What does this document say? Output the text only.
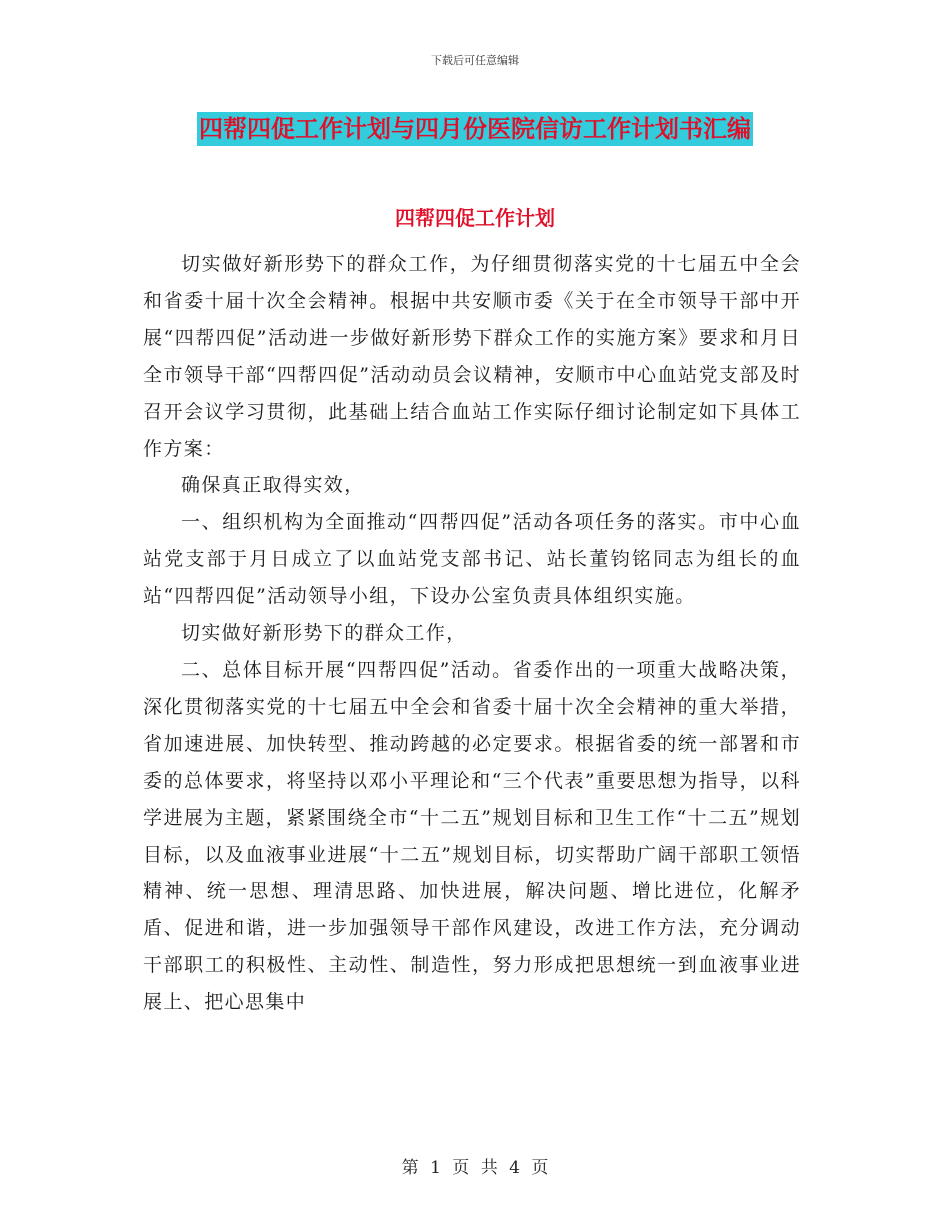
下载后可任意编辑
四帮四促工作计划与四月份医院信访工作计划书汇编
四帮四促工作计划

切实做好新形势下的群众工作，为仔细贯彻落实党的十七届五中全会和省委十届十次全会精神。根据中共安顺市委《关于在全市领导干部中开展“四帮四促”活动进一步做好新形势下群众工作的实施方案》要求和月日全市领导干部“四帮四促”活动动员会议精神，安顺市中心血站党支部及时召开会议学习贯彻，此基础上结合血站工作实际仔细讨论制定如下具体工作方案：

确保真正取得实效，

一、组织机构为全面推动“四帮四促”活动各项任务的落实。市中心血站党支部于月日成立了以血站党支部书记、站长董钧铭同志为组长的血站“四帮四促”活动领导小组，下设办公室负责具体组织实施。

切实做好新形势下的群众工作，

二、总体目标开展“四帮四促”活动。省委作出的一项重大战略决策，深化贯彻落实党的十七届五中全会和省委十届十次全会精神的重大举措，省加速进展、加快转型、推动跨越的必定要求。根据省委的统一部署和市委的总体要求，将坚持以邓小平理论和“三个代表”重要思想为指导，以科学进展为主题，紧紧围绕全市“十二五”规划目标和卫生工作“十二五”规划目标，以及血液事业进展“十二五”规划目标，切实帮助广阔干部职工领悟精神、统一思想、理清思路、加快进展，解决问题、增比进位，化解矛盾、促进和谐，进一步加强领导干部作风建设，改进工作方法，充分调动干部职工的积极性、主动性、制造性，努力形成把思想统一到血液事业进展上、把心思集中

第 1 页 共 4 页
